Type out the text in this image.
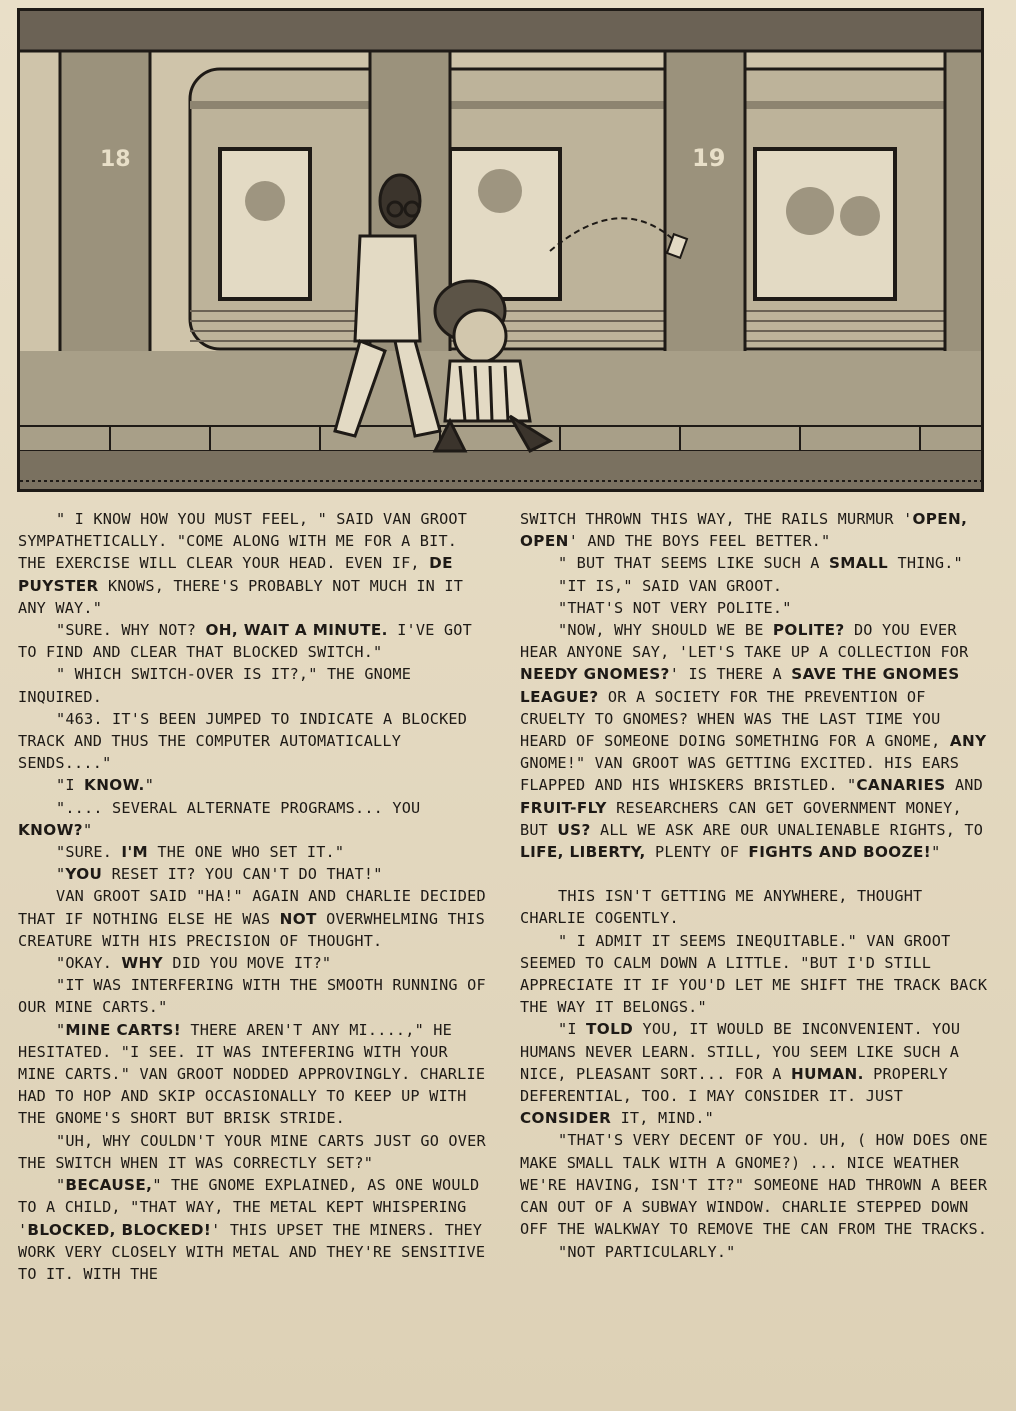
18	19

" I KNOW HOW YOU MUST FEEL, " SAID VAN GROOT SYMPATHETICALLY. "COME ALONG WITH ME FOR A BIT. THE EXERCISE WILL CLEAR YOUR HEAD. EVEN IF, DE PUYSTER KNOWS, THERE'S PROBABLY NOT MUCH IN IT ANY WAY."

"SURE. WHY NOT? OH, WAIT A MINUTE. I'VE GOT TO FIND AND CLEAR THAT BLOCKED SWITCH."

" WHICH SWITCH-OVER IS IT?," THE GNOME INQUIRED.

"463. IT'S BEEN JUMPED TO INDICATE A BLOCKED TRACK AND THUS THE COMPUTER AUTOMATICALLY SENDS...."

"I KNOW."

".... SEVERAL ALTERNATE PROGRAMS... YOU KNOW?"

"SURE. I'M THE ONE WHO SET IT."

"YOU RESET IT? YOU CAN'T DO THAT!"

VAN GROOT SAID "HA!" AGAIN AND CHARLIE DECIDED THAT IF NOTHING ELSE HE WAS NOT OVERWHELMING THIS CREATURE WITH HIS PRECISION OF THOUGHT.

"OKAY. WHY DID YOU MOVE IT?"

"IT WAS INTERFERING WITH THE SMOOTH RUNNING OF OUR MINE CARTS."

"MINE CARTS! THERE AREN'T ANY MI....," HE HESITATED. "I SEE. IT WAS INTEFERING WITH YOUR MINE CARTS." VAN GROOT NODDED APPROVINGLY. CHARLIE HAD TO HOP AND SKIP OCCASIONALLY TO KEEP UP WITH THE GNOME'S SHORT BUT BRISK STRIDE.

"UH, WHY COULDN'T YOUR MINE CARTS JUST GO OVER THE SWITCH WHEN IT WAS CORRECTLY SET?"

"BECAUSE," THE GNOME EXPLAINED, AS ONE WOULD TO A CHILD, "THAT WAY, THE METAL KEPT WHISPERING 'BLOCKED, BLOCKED!' THIS UPSET THE MINERS. THEY WORK VERY CLOSELY WITH METAL AND THEY'RE SENSITIVE TO IT. WITH THE

SWITCH THROWN THIS WAY, THE RAILS MURMUR 'OPEN, OPEN' AND THE BOYS FEEL BETTER."

" BUT THAT SEEMS LIKE SUCH A SMALL THING."

"IT IS," SAID VAN GROOT.

"THAT'S NOT VERY POLITE."

"NOW, WHY SHOULD WE BE POLITE? DO YOU EVER HEAR ANYONE SAY, 'LET'S TAKE UP A COLLECTION FOR NEEDY GNOMES?' IS THERE A SAVE THE GNOMES LEAGUE? OR A SOCIETY FOR THE PREVENTION OF CRUELTY TO GNOMES? WHEN WAS THE LAST TIME YOU HEARD OF SOMEONE DOING SOMETHING FOR A GNOME, ANY GNOME!" VAN GROOT WAS GETTING EXCITED. HIS EARS FLAPPED AND HIS WHISKERS BRISTLED. "CANARIES AND FRUIT-FLY RESEARCHERS CAN GET GOVERNMENT MONEY, BUT US? ALL WE ASK ARE OUR UNALIENABLE RIGHTS, TO LIFE, LIBERTY, PLENTY OF FIGHTS AND BOOZE!"

THIS ISN'T GETTING ME ANYWHERE, THOUGHT CHARLIE COGENTLY.

" I ADMIT IT SEEMS INEQUITABLE." VAN GROOT SEEMED TO CALM DOWN A LITTLE. "BUT I'D STILL APPRECIATE IT IF YOU'D LET ME SHIFT THE TRACK BACK THE WAY IT BELONGS."

"I TOLD YOU, IT WOULD BE INCONVENIENT. YOU HUMANS NEVER LEARN. STILL, YOU SEEM LIKE SUCH A NICE, PLEASANT SORT... FOR A HUMAN. PROPERLY DEFERENTIAL, TOO. I MAY CONSIDER IT. JUST CONSIDER IT, MIND."

"THAT'S VERY DECENT OF YOU. UH, ( HOW DOES ONE MAKE SMALL TALK WITH A GNOME?) ... NICE WEATHER WE'RE HAVING, ISN'T IT?" SOMEONE HAD THROWN A BEER CAN OUT OF A SUBWAY WINDOW. CHARLIE STEPPED DOWN OFF THE WALKWAY TO REMOVE THE CAN FROM THE TRACKS.

"NOT PARTICULARLY."
